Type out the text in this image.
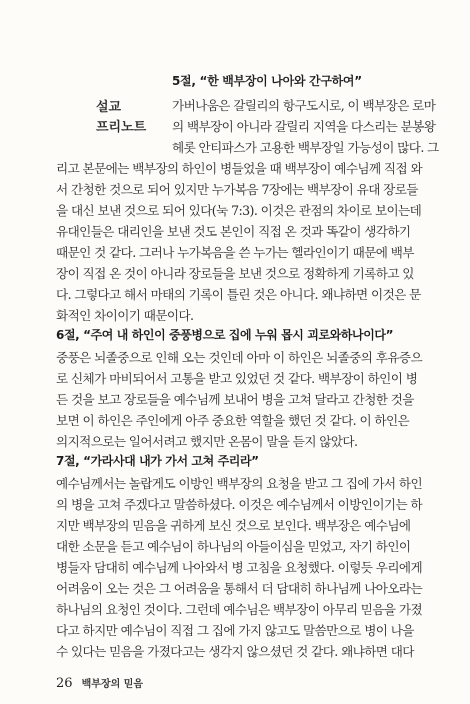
5절, “한 백부장이 나아와 간구하여”
설교
프리노트
가버나움은 갈릴리의 항구도시로, 이 백부장은 로마
의 백부장이 아니라 갈릴리 지역을 다스리는 분봉왕
헤롯 안티파스가 고용한 백부장일 가능성이 많다. 그
리고 본문에는 백부장의 하인이 병들었을 때 백부장이 예수님께 직접 와
서 간청한 것으로 되어 있지만 누가복음 7장에는 백부장이 유대 장로들
을 대신 보낸 것으로 되어 있다(눅 7:3). 이것은 관점의 차이로 보이는데
유대인들은 대리인을 보낸 것도 본인이 직접 온 것과 똑같이 생각하기
때문인 것 같다. 그러나 누가복음을 쓴 누가는 헬라인이기 때문에 백부
장이 직접 온 것이 아니라 장로들을 보낸 것으로 정확하게 기록하고 있
다. 그렇다고 해서 마태의 기록이 틀린 것은 아니다. 왜냐하면 이것은 문
화적인 차이이기 때문이다.
6절, “주여 내 하인이 중풍병으로 집에 누워 몹시 괴로와하나이다”
중풍은 뇌졸중으로 인해 오는 것인데 아마 이 하인은 뇌졸중의 후유증으
로 신체가 마비되어서 고통을 받고 있었던 것 같다. 백부장이 하인이 병
든 것을 보고 장로들을 예수님께 보내어 병을 고쳐 달라고 간청한 것을
보면 이 하인은 주인에게 아주 중요한 역할을 했던 것 같다. 이 하인은
의지적으로는 일어서려고 했지만 온몸이 말을 듣지 않았다.
7절, “가라사대 내가 가서 고쳐 주리라”
예수님께서는 놀랍게도 이방인 백부장의 요청을 받고 그 집에 가서 하인
의 병을 고쳐 주겠다고 말씀하셨다. 이것은 예수님께서 이방인이기는 하
지만 백부장의 믿음을 귀하게 보신 것으로 보인다. 백부장은 예수님에
대한 소문을 듣고 예수님이 하나님의 아들이심을 믿었고, 자기 하인이
병들자 담대히 예수님께 나아와서 병 고침을 요청했다. 이렇듯 우리에게
어려움이 오는 것은 그 어려움을 통해서 더 담대히 하나님께 나아오라는
하나님의 요청인 것이다. 그런데 예수님은 백부장이 아무리 믿음을 가졌
다고 하지만 예수님이 직접 그 집에 가지 않고도 말씀만으로 병이 나을
수 있다는 믿음을 가졌다고는 생각지 않으셨던 것 같다. 왜냐하면 대다
26 백부장의 믿음
